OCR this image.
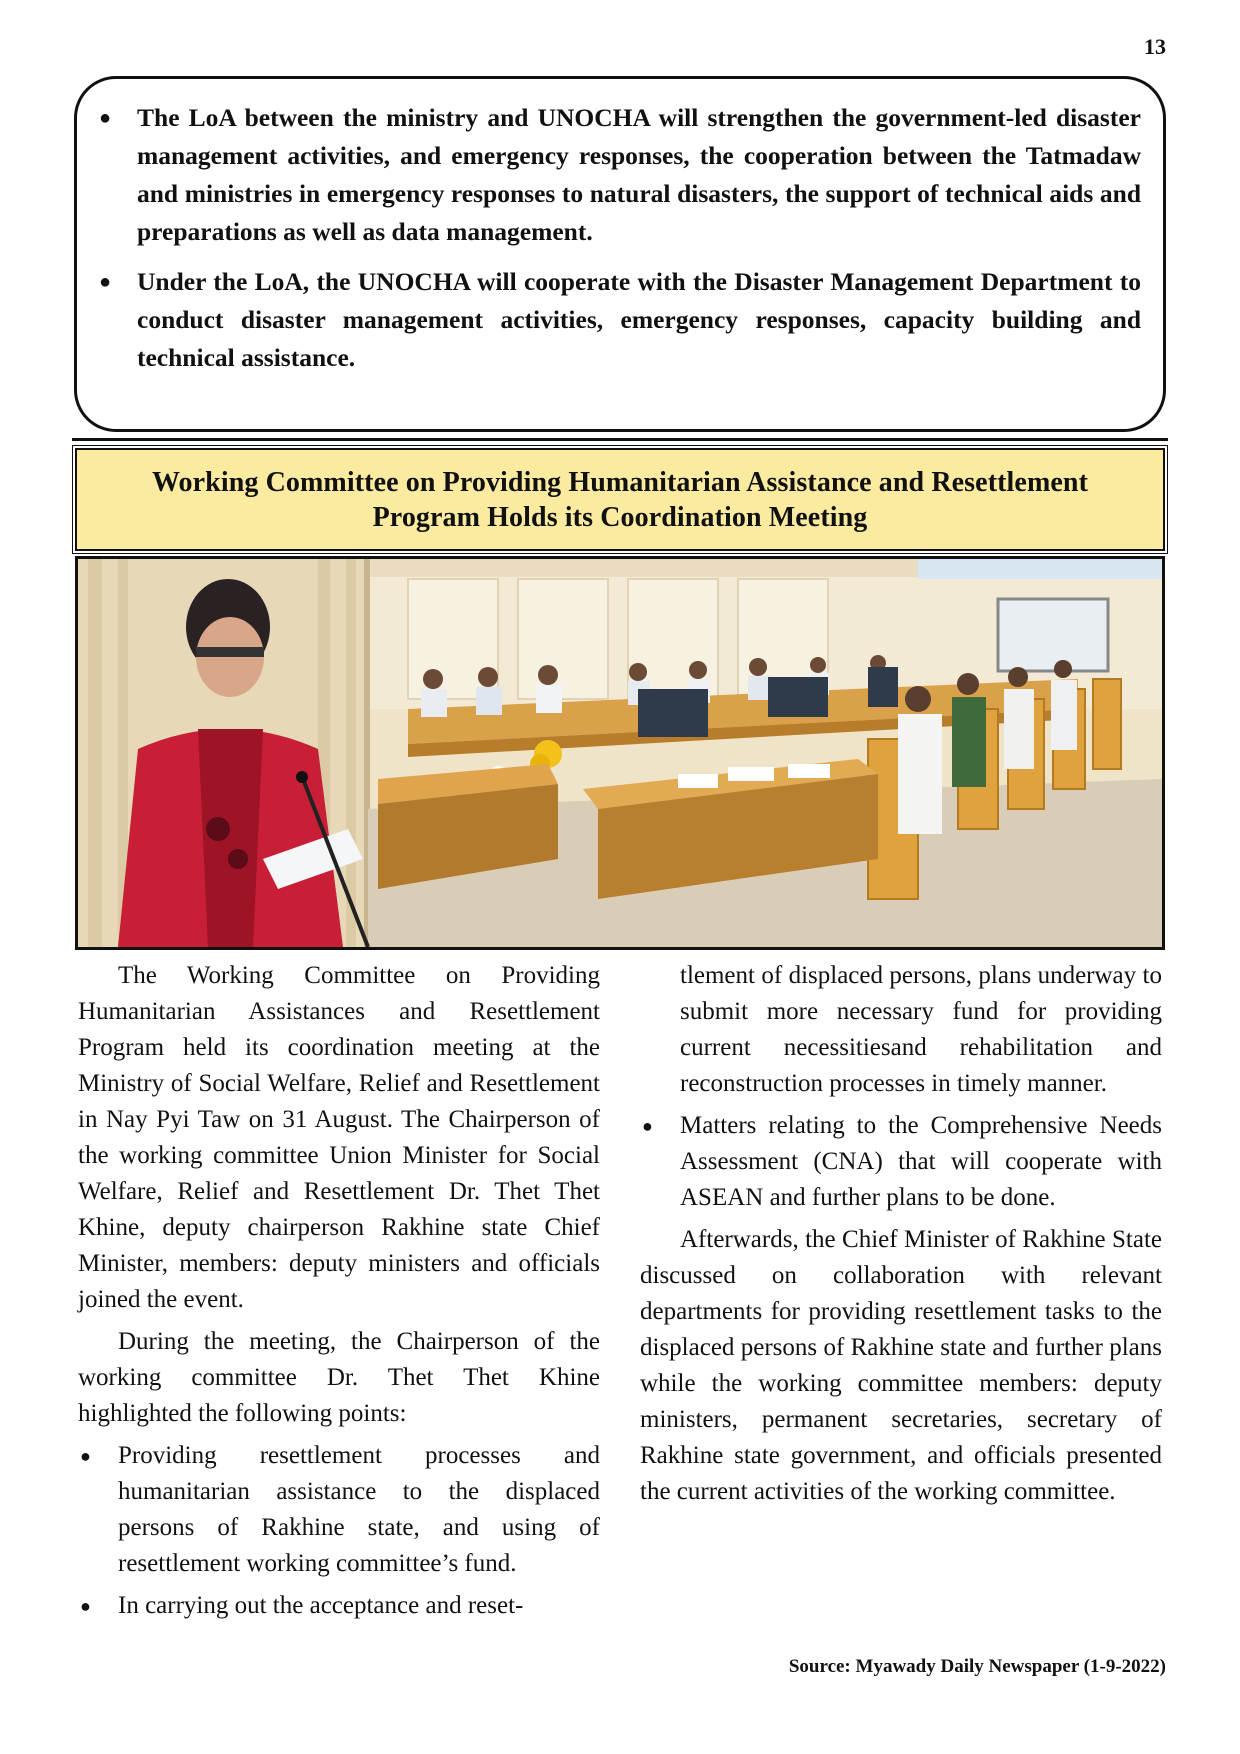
13
● The LoA between the ministry and UNOCHA will strengthen the government-led disaster management activities, and emergency responses, the cooperation between the Tatmadaw and ministries in emergency responses to natural disasters, the support of technical aids and preparations as well as data management.
● Under the LoA, the UNOCHA will cooperate with the Disaster Management Department to conduct disaster management activities, emergency responses, capacity building and technical assistance.
Working Committee on Providing Humanitarian Assistance and Resettlement
Program Holds its Coordination Meeting

The Working Committee on Providing Humanitarian Assistances and Resettlement Program held its coordination meeting at the Ministry of Social Welfare, Relief and Resettlement in Nay Pyi Taw on 31 August. The Chairperson of the working committee Union Minister for Social Welfare, Relief and Resettlement Dr. Thet Thet Khine, deputy chairperson Rakhine state Chief Minister, members: deputy ministers and officials joined the event.

During the meeting, the Chairperson of the working committee Dr. Thet Thet Khine highlighted the following points:

● Providing resettlement processes and humanitarian assistance to the displaced persons of Rakhine state, and using of resettlement working committee’s fund.
● In carrying out the acceptance and reset-
tlement of displaced persons, plans underway to submit more necessary fund for providing current necessitiesand rehabilitation and reconstruction processes in timely manner.
● Matters relating to the Comprehensive Needs Assessment (CNA) that will cooperate with ASEAN and further plans to be done.

Afterwards, the Chief Minister of Rakhine State discussed on collaboration with relevant departments for providing resettlement tasks to the displaced persons of Rakhine state and further plans while the working committee members: deputy ministers, permanent secretaries, secretary of Rakhine state government, and officials presented the current activities of the working committee.

Source: Myawady Daily Newspaper (1-9-2022)
